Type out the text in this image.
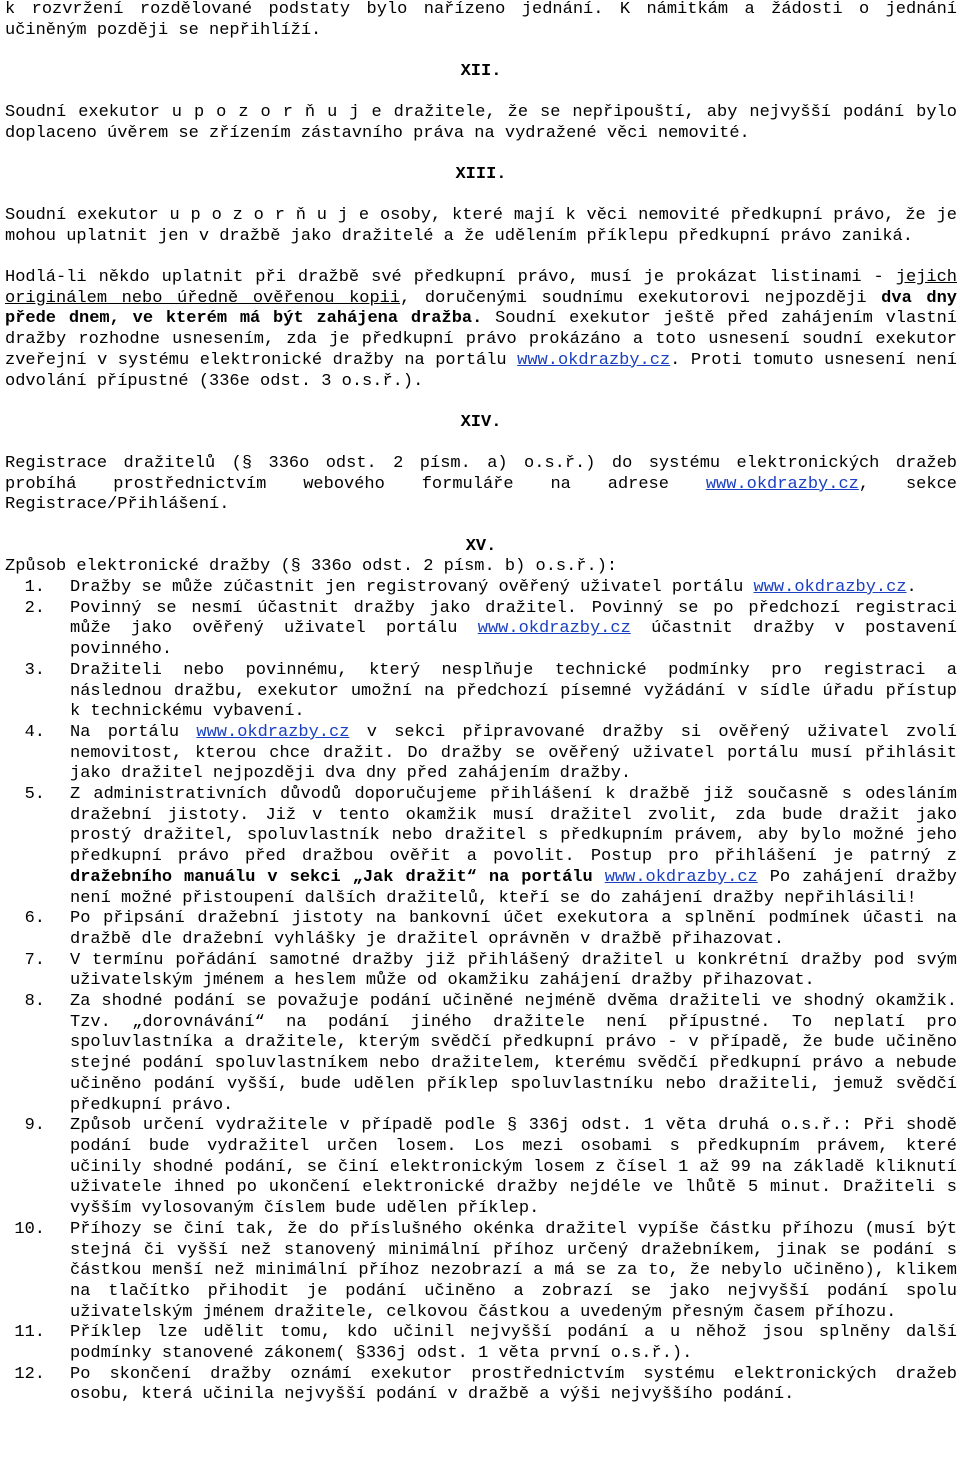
k rozvržení rozdělované podstaty bylo nařízeno jednání. K námitkám a žádosti o jednání učiněným později se nepřihlíží.

XII.

Soudní exekutor u p o z o r ň u j e dražitele, že se nepřipouští, aby nejvyšší podání bylo doplaceno úvěrem se zřízením zástavního práva na vydražené věci nemovité.

XIII.

Soudní exekutor u p o z o r ň u j e osoby, které mají k věci nemovité předkupní právo, že je mohou uplatnit jen v dražbě jako dražitelé a že udělením příklepu předkupní právo zaniká.

Hodlá-li někdo uplatnit při dražbě své předkupní právo, musí je prokázat listinami - jejich originálem nebo úředně ověřenou kopii, doručenými soudnímu exekutorovi nejpozději dva dny přede dnem, ve kterém má být zahájena dražba. Soudní exekutor ještě před zahájením vlastní dražby rozhodne usnesením, zda je předkupní právo prokázáno a toto usnesení soudní exekutor zveřejní v systému elektronické dražby na portálu www.okdrazby.cz. Proti tomuto usnesení není odvolání přípustné (336e odst. 3 o.s.ř.).

XIV.

Registrace dražitelů (§ 336o odst. 2 písm. a) o.s.ř.) do systému elektronických dražeb probíhá prostřednictvím webového formuláře na adrese www.okdrazby.cz, sekce Registrace/Přihlášení.

XV.

Způsob elektronické dražby (§ 336o odst. 2 písm. b) o.s.ř.):

1. Dražby se může zúčastnit jen registrovaný ověřený uživatel portálu www.okdrazby.cz.
2. Povinný se nesmí účastnit dražby jako dražitel. Povinný se po předchozí registraci může jako ověřený uživatel portálu www.okdrazby.cz účastnit dražby v postavení povinného.
3. Dražiteli nebo povinnému, který nesplňuje technické podmínky pro registraci a následnou dražbu, exekutor umožní na předchozí písemné vyžádání v sídle úřadu přístup k technickému vybavení.
4. Na portálu www.okdrazby.cz v sekci připravované dražby si ověřený uživatel zvolí nemovitost, kterou chce dražit. Do dražby se ověřený uživatel portálu musí přihlásit jako dražitel nejpozději dva dny před zahájením dražby.
5. Z administrativních důvodů doporučujeme přihlášení k dražbě již současně s odesláním dražební jistoty. Již v tento okamžik musí dražitel zvolit, zda bude dražit jako prostý dražitel, spoluvlastník nebo dražitel s předkupním právem, aby bylo možné jeho předkupní právo před dražbou ověřit a povolit. Postup pro přihlášení je patrný z dražebního manuálu v sekci „Jak dražit“ na portálu www.okdrazby.cz Po zahájení dražby není možné přistoupení dalších dražitelů, kteří se do zahájení dražby nepřihlásili!
6. Po připsání dražební jistoty na bankovní účet exekutora a splnění podmínek účasti na dražbě dle dražební vyhlášky je dražitel oprávněn v dražbě přihazovat.
7. V termínu pořádání samotné dražby již přihlášený dražitel u konkrétní dražby pod svým uživatelským jménem a heslem může od okamžiku zahájení dražby přihazovat.
8. Za shodné podání se považuje podání učiněné nejméně dvěma dražiteli ve shodný okamžik. Tzv. „dorovnávání“ na podání jiného dražitele není přípustné. To neplatí pro spoluvlastníka a dražitele, kterým svědčí předkupní právo - v případě, že bude učiněno stejné podání spoluvlastníkem nebo dražitelem, kterému svědčí předkupní právo a nebude učiněno podání vyšší, bude udělen příklep spoluvlastníku nebo dražiteli, jemuž svědčí předkupní právo.
9. Způsob určení vydražitele v případě podle § 336j odst. 1 věta druhá o.s.ř.: Při shodě podání bude vydražitel určen losem. Los mezi osobami s předkupním právem, které učinily shodné podání, se činí elektronickým losem z čísel 1 až 99 na základě kliknutí uživatele ihned po ukončení elektronické dražby nejdéle ve lhůtě 5 minut. Dražiteli s vyšším vylosovaným číslem bude udělen příklep.
10. Příhozy se činí tak, že do příslušného okénka dražitel vypíše částku příhozu (musí být stejná či vyšší než stanovený minimální příhoz určený dražebníkem, jinak se podání s částkou menší než minimální příhoz nezobrazí a má se za to, že nebylo učiněno), klikem na tlačítko přihodit je podání učiněno a zobrazí se jako nejvyšší podání spolu uživatelským jménem dražitele, celkovou částkou a uvedeným přesným časem příhozu.
11. Příklep lze udělit tomu, kdo učinil nejvyšší podání a u něhož jsou splněny další podmínky stanovené zákonem( §336j odst. 1 věta první o.s.ř.).
12. Po skončení dražby oznámí exekutor prostřednictvím systému elektronických dražeb osobu, která učinila nejvyšší podání v dražbě a výši nejvyššího podání.
